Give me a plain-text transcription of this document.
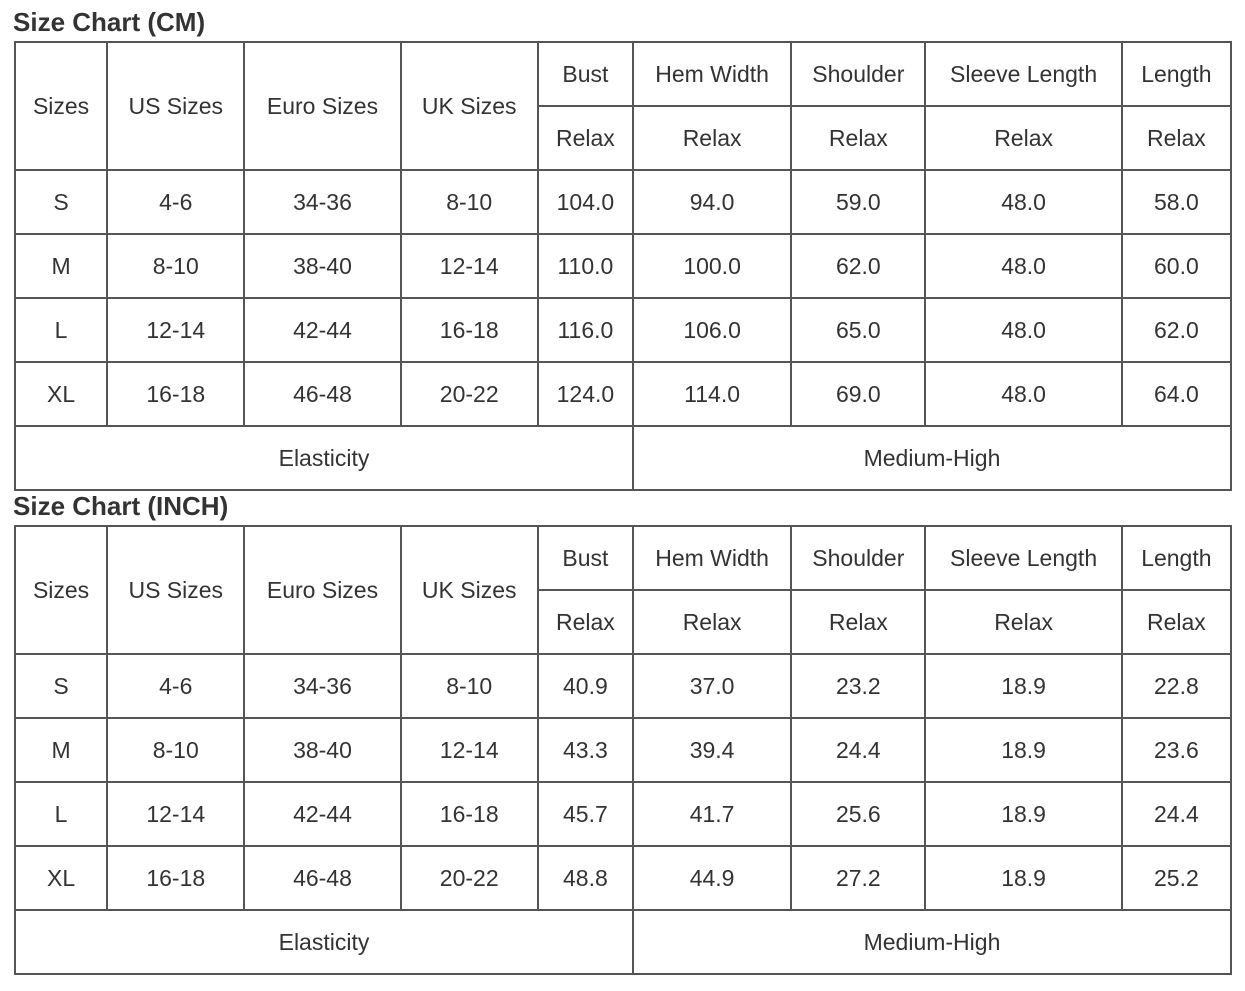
Size Chart (CM)
Sizes	US Sizes	Euro Sizes	UK Sizes	Bust	Hem Width	Shoulder	Sleeve Length	Length
				Relax	Relax	Relax	Relax	Relax
S	4-6	34-36	8-10	104.0	94.0	59.0	48.0	58.0
M	8-10	38-40	12-14	110.0	100.0	62.0	48.0	60.0
L	12-14	42-44	16-18	116.0	106.0	65.0	48.0	62.0
XL	16-18	46-48	20-22	124.0	114.0	69.0	48.0	64.0
Elasticity					Medium-High			
Size Chart (INCH)
Sizes	US Sizes	Euro Sizes	UK Sizes	Bust	Hem Width	Shoulder	Sleeve Length	Length
				Relax	Relax	Relax	Relax	Relax
S	4-6	34-36	8-10	40.9	37.0	23.2	18.9	22.8
M	8-10	38-40	12-14	43.3	39.4	24.4	18.9	23.6
L	12-14	42-44	16-18	45.7	41.7	25.6	18.9	24.4
XL	16-18	46-48	20-22	48.8	44.9	27.2	18.9	25.2
Elasticity					Medium-High			
